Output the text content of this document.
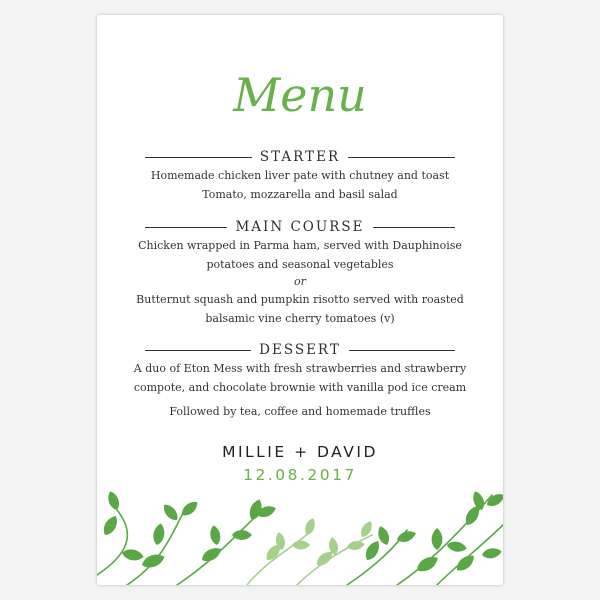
Menu
STARTER
Homemade chicken liver pate with chutney and toast
Tomato, mozzarella and basil salad
MAIN COURSE
Chicken wrapped in Parma ham, served with Dauphinoise
potatoes and seasonal vegetables
or
Butternut squash and pumpkin risotto served with roasted
balsamic vine cherry tomatoes (v)
DESSERT
A duo of Eton Mess with fresh strawberries and strawberry
compote, and chocolate brownie with vanilla pod ice cream
Followed by tea, coffee and homemade truffles
MILLIE + DAVID
12.08.2017
